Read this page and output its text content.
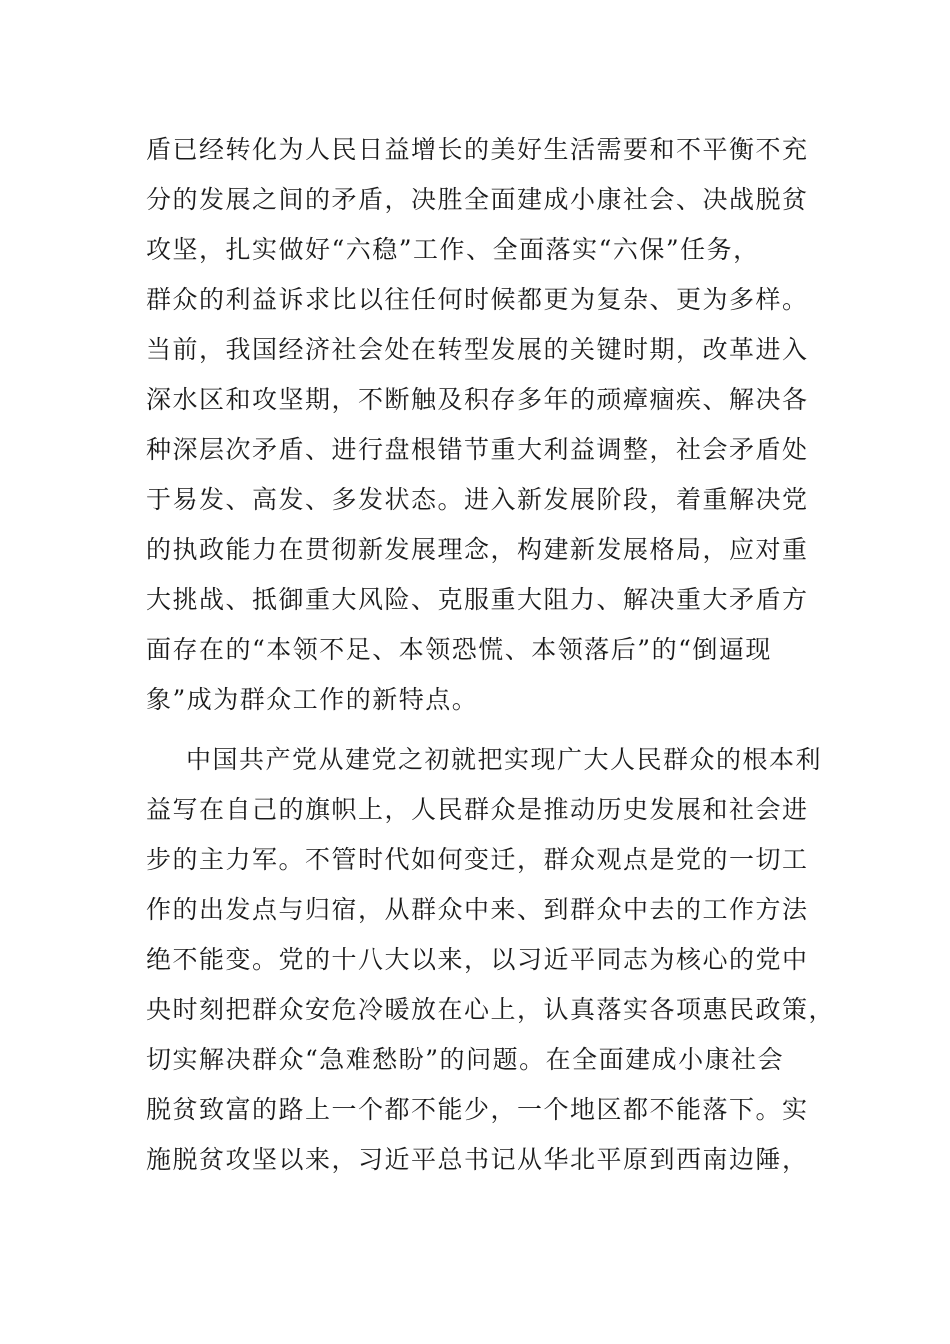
盾已经转化为人民日益增长的美好生活需要和不平衡不充
分的发展之间的矛盾，决胜全面建成小康社会、决战脱贫
攻坚，扎实做好“六稳”工作、全面落实“六保”任务，
群众的利益诉求比以往任何时候都更为复杂、更为多样。
当前，我国经济社会处在转型发展的关键时期，改革进入
深水区和攻坚期，不断触及积存多年的顽瘴痼疾、解决各
种深层次矛盾、进行盘根错节重大利益调整，社会矛盾处
于易发、高发、多发状态。进入新发展阶段，着重解决党
的执政能力在贯彻新发展理念，构建新发展格局，应对重
大挑战、抵御重大风险、克服重大阻力、解决重大矛盾方
面存在的“本领不足、本领恐慌、本领落后”的“倒逼现
象”成为群众工作的新特点。
中国共产党从建党之初就把实现广大人民群众的根本利
益写在自己的旗帜上，人民群众是推动历史发展和社会进
步的主力军。不管时代如何变迁，群众观点是党的一切工
作的出发点与归宿，从群众中来、到群众中去的工作方法
绝不能变。党的十八大以来，以习近平同志为核心的党中
央时刻把群众安危冷暖放在心上，认真落实各项惠民政策，
切实解决群众“急难愁盼”的问题。在全面建成小康社会
脱贫致富的路上一个都不能少，一个地区都不能落下。实
施脱贫攻坚以来，习近平总书记从华北平原到西南边陲，
